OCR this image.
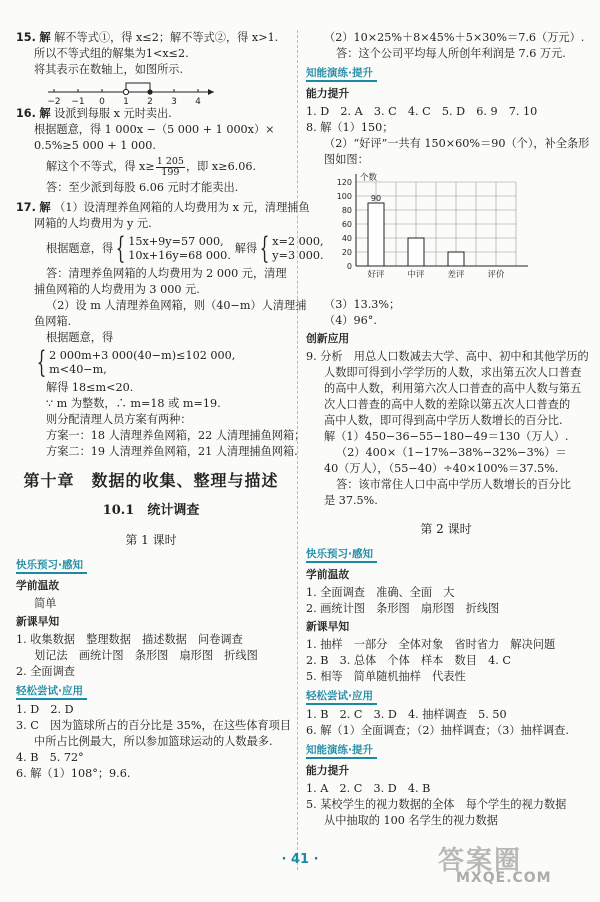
15. 解 解不等式①，得 x≤2；解不等式②，得 x>1.
所以不等式组的解集为1<x≤2.
将其表示在数轴上，如图所示.
−2 −1 0 1 2 3 4
16. 解 设派到每服 x 元时卖出.
根据题意，得 1 000x −（5 000 + 1 000x）×
0.5%≥5 000 + 1 000.
解这个不等式，得 $x\ge \frac{1 205}{199}$ ，即 x≥6.06.
答：至少派到每股 6.06 元时才能卖出.
17. 解 （1）设清理养鱼网箱的人均费用为 x 元，清理捕鱼
网箱的人均费用为 y 元.
根据题意，得 { 15x+9y=57 000,
10x+16y=68 000.
解得 { x=2 000,
y=3 000.
答：清理养鱼网箱的人均费用为 2 000 元，清理
捕鱼网箱的人均费用为 3 000 元.
（2）设 m 人清理养鱼网箱，则（40−m）人清理捕
鱼网箱.
根据题意，得
{ 2 000m+3 000(40−m)≤102 000,
m<40−m,
解得 18≤m<20.
∵ m 为整数，∴ m=18 或 m=19.
则分配清理人员方案有两种：
方案一：18 人清理养鱼网箱，22 人清理捕鱼网箱；
方案二：19 人清理养鱼网箱，21 人清理捕鱼网箱.
第十章　数据的收集、整理与描述
10.1　统计调查
第 1 课时
快乐预习·感知
学前温故
简单
新课早知
1. 收集数据　整理数据　描述数据　问卷调查
划记法　画统计图　条形图　扇形图　折线图
2. 全面调查
轻松尝试·应用
1. D　2. D
3. C　因为篮球所占的百分比是 35%，在这些体育项目
中所占比例最大，所以参加篮球运动的人数最多.
4. B　5. 72°
6. 解（1）108°；9.6.
（2）10×25%＋8×45%＋5×30%＝7.6（万元）.
答：这个公司平均每人所创年利润是 7.6 万元.
知能演练·提升
能力提升
1. D　2. A　3. C　4. C　5. D　6. 9　7. 10
8. 解（1）150；
（2）“好评”一共有 150×60%＝90（个），补全条形
图如图：
0
20
40
60
80
100
120 个数
好评
90
中评	差评	评价
（3）13.3%；
（4）96°.
创新应用
9. 分析　用总人口数减去大学、高中、初中和其他学历的
人数即可得到小学学历的人数，求出第五次人口普查
的高中人数，利用第六次人口普查的高中人数与第五
次人口普查的高中人数的差除以第五次人口普查的
高中人数，即可得到高中学历人数增长的百分比.
解（1）450−36−55−180−49＝130（万人）.
（2）400×（1−17%−38%−32%−3%）＝
40（万人），（55−40）÷40×100%＝37.5%.
答：该市常住人口中高中学历人数增长的百分比
是 37.5%.
第 2 课时
快乐预习·感知
学前温故
1. 全面调查　准确、全面　大
2. 画统计图　条形图　扇形图　折线图
新课早知
1. 抽样　一部分　全体对象　省时省力　解决问题
2. B　3. 总体　个体　样本　数目　4. C
5. 相等　简单随机抽样　代表性
轻松尝试·应用
1. B　2. C　3. D　4. 抽样调查　5. 50
6. 解（1）全面调查；（2）抽样调查；（3）抽样调查.
知能演练·提升
能力提升
1. A　2. C　3. D　4. B
5. 某校学生的视力数据的全体　每个学生的视力数据
从中抽取的 100 名学生的视力数据
· 41 ·	答案圈
MXQE.COM
